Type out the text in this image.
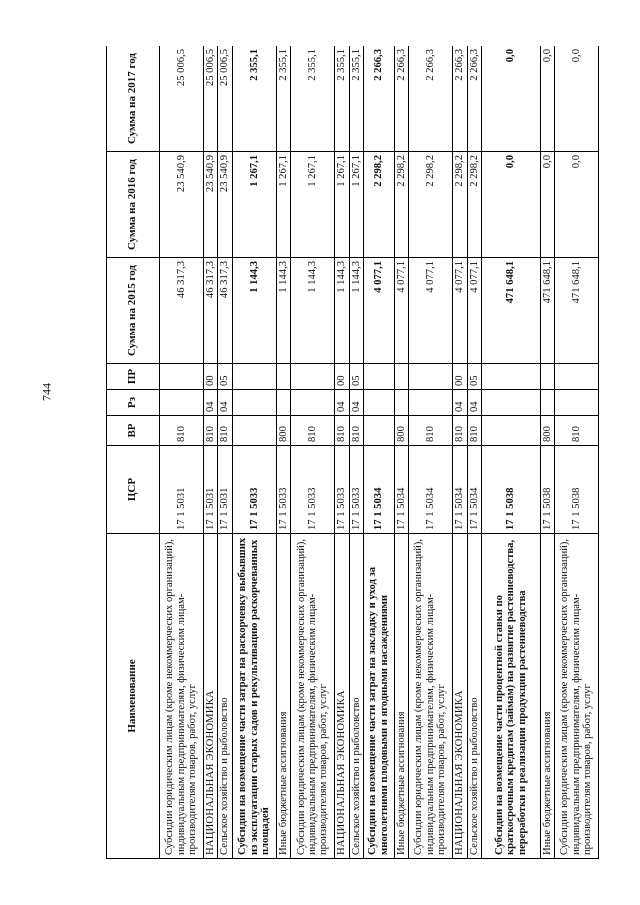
744
Наименование	ЦСР	ВР	Рз	ПР	Сумма на 2015 год	Сумма на 2016 год	Сумма на 2017 год
Субсидии юридическим лицам (кроме некоммерческих организаций), индивидуальным предпринимателям, физическим лицам-производителям товаров, работ, услуг	17 1 5031	810			46 317,3	23 540,9	25 006,5
НАЦИОНАЛЬНАЯ ЭКОНОМИКА	17 1 5031	810	04	00	46 317,3	23 540,9	25 006,5
Сельское хозяйство и рыболовство	17 1 5031	810	04	05	46 317,3	23 540,9	25 006,5
Субсидии на возмещение части затрат на раскорчевку выбывших из эксплуатации старых садов и рекультивацию раскорчеванных площадей	17 1 5033				1 144,3	1 267,1	2 355,1
Иные бюджетные ассигнования	17 1 5033	800			1 144,3	1 267,1	2 355,1
Субсидии юридическим лицам (кроме некоммерческих организаций), индивидуальным предпринимателям, физическим лицам-производителям товаров, работ, услуг	17 1 5033	810			1 144,3	1 267,1	2 355,1
НАЦИОНАЛЬНАЯ ЭКОНОМИКА	17 1 5033	810	04	00	1 144,3	1 267,1	2 355,1
Сельское хозяйство и рыболовство	17 1 5033	810	04	05	1 144,3	1 267,1	2 355,1
Субсидии на возмещение части затрат на закладку и уход за многолетними плодовыми и ягодными насаждениями	17 1 5034				4 077,1	2 298,2	2 266,3
Иные бюджетные ассигнования	17 1 5034	800			4 077,1	2 298,2	2 266,3
Субсидии юридическим лицам (кроме некоммерческих организаций), индивидуальным предпринимателям, физическим лицам-производителям товаров, работ, услуг	17 1 5034	810			4 077,1	2 298,2	2 266,3
НАЦИОНАЛЬНАЯ ЭКОНОМИКА	17 1 5034	810	04	00	4 077,1	2 298,2	2 266,3
Сельское хозяйство и рыболовство	17 1 5034	810	04	05	4 077,1	2 298,2	2 266,3
Субсидии на возмещение части процентной ставки по краткосрочным кредитам (займам) на развитие растениеводства, переработки и реализации продукции растениеводства	17 1 5038				471 648,1	0,0	0,0
Иные бюджетные ассигнования	17 1 5038	800			471 648,1	0,0	0,0
Субсидии юридическим лицам (кроме некоммерческих организаций), индивидуальным предпринимателям, физическим лицам-производителям товаров, работ, услуг	17 1 5038	810			471 648,1	0,0	0,0
